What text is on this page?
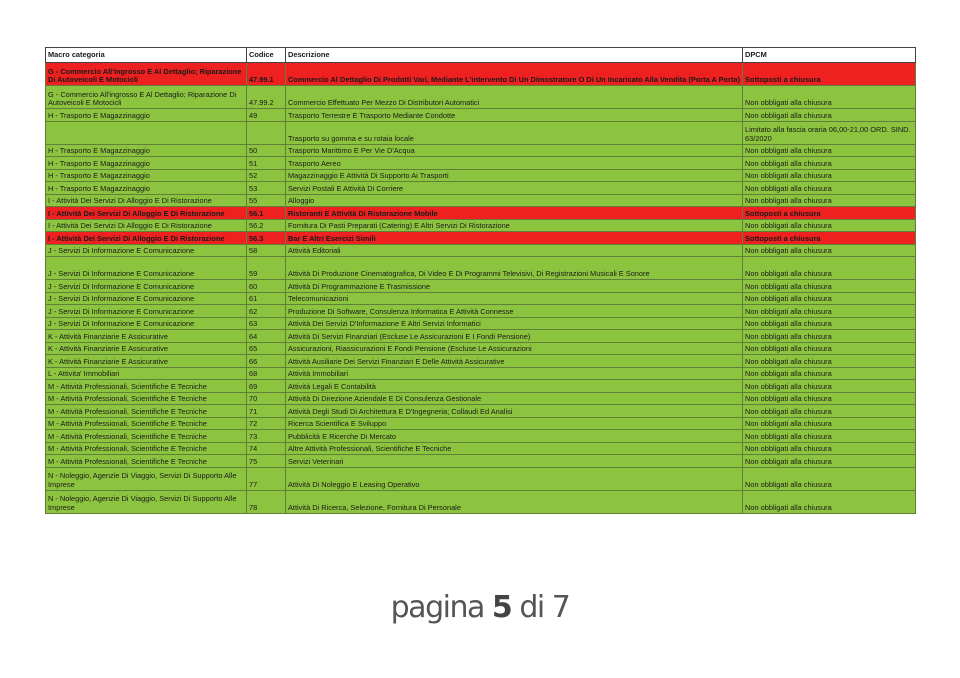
Macro categoria	Codice	Descrizione	DPCM
G - Commercio All'ingrosso E Al Dettaglio; Riparazione Di Autoveicoli E Motocicli	47.99.1	Commercio Al Dettaglio Di Prodotti Vari, Mediante L'intervento Di Un Dimostratore O Di Un Incaricato Alla Vendita (Porta A Porta)	Sottoposti a chiusura
G - Commercio All'ingrosso E Al Dettaglio; Riparazione Di Autoveicoli E Motocicli	47.99.2	Commercio Effettuato Per Mezzo Di Distributori Automatici	Non obbligati alla chiusura
H - Trasporto E Magazzinaggio	49	Trasporto Terrestre E Trasporto Mediante Condotte	Non obbligati alla chiusura
		Trasporto su gomma e su rotaia locale	Limitato alla fascia oraria 06,00-21,00 ORD. SIND. 63/2020
H - Trasporto E Magazzinaggio	50	Trasporto Marittimo E Per Vie D'Acqua	Non obbligati alla chiusura
H - Trasporto E Magazzinaggio	51	Trasporto Aereo	Non obbligati alla chiusura
H - Trasporto E Magazzinaggio	52	Magazzinaggio E Attività Di Supporto Ai Trasporti	Non obbligati alla chiusura
H - Trasporto E Magazzinaggio	53	Servizi Postali E Attività Di Corriere	Non obbligati alla chiusura
I - Attività Dei Servizi Di Alloggio E Di Ristorazione	55	Alloggio	Non obbligati alla chiusura
I - Attività Dei Servizi Di Alloggio E Di Ristorazione	56.1	Ristoranti E Attività Di Ristorazione Mobile	Sottoposti a chiusura
I - Attività Dei Servizi Di Alloggio E Di Ristorazione	56.2	Fornitura Di Pasti Preparati (Catering) E Altri Servizi Di Ristorazione	Non obbligati alla chiusura
I - Attività Dei Servizi Di Alloggio E Di Ristorazione	56.3	Bar E Altri Esercizi Simili	Sottoposti a chiusura
J - Servizi Di Informazione E Comunicazione	58	Attività Editoriali	Non obbligati alla chiusura
J - Servizi Di Informazione E Comunicazione	59	Attività Di Produzione Cinematografica, Di Video E Di Programmi Televisivi, Di Registrazioni Musicali E Sonore	Non obbligati alla chiusura
J - Servizi Di Informazione E Comunicazione	60	Attività Di Programmazione E Trasmissione	Non obbligati alla chiusura
J - Servizi Di Informazione E Comunicazione	61	Telecomunicazioni	Non obbligati alla chiusura
J - Servizi Di Informazione E Comunicazione	62	Produzione Di Software, Consulenza Informatica E Attività Connesse	Non obbligati alla chiusura
J - Servizi Di Informazione E Comunicazione	63	Attività Dei Servizi D'Informazione E Altri Servizi Informatici	Non obbligati alla chiusura
K - Attività Finanziarie E Assicurative	64	Attività Di Servizi Finanziari (Escluse Le Assicurazioni E I Fondi Pensione)	Non obbligati alla chiusura
K - Attività Finanziarie E Assicurative	65	Assicurazioni, Riassicurazioni E Fondi Pensione (Escluse Le Assicurazioni	Non obbligati alla chiusura
K - Attività Finanziarie E Assicurative	66	Attività Ausiliarie Dei Servizi Finanziari E Delle Attività Assicurative	Non obbligati alla chiusura
L - Attivita' Immobiliari	68	Attività Immobiliari	Non obbligati alla chiusura
M - Attività Professionali, Scientifiche E Tecniche	69	Attività Legali E Contabilità	Non obbligati alla chiusura
M - Attività Professionali, Scientifiche E Tecniche	70	Attività Di Direzione Aziendale E Di Consulenza Gestionale	Non obbligati alla chiusura
M - Attività Professionali, Scientifiche E Tecniche	71	Attività Degli Studi Di Architettura E D'Ingegneria; Collaudi Ed Analisi	Non obbligati alla chiusura
M - Attività Professionali, Scientifiche E Tecniche	72	Ricerca Scientifica E Sviluppo	Non obbligati alla chiusura
M - Attività Professionali, Scientifiche E Tecniche	73	Pubblicità E Ricerche Di Mercato	Non obbligati alla chiusura
M - Attività Professionali, Scientifiche E Tecniche	74	Altre Attività Professionali, Scientifiche E Tecniche	Non obbligati alla chiusura
M - Attività Professionali, Scientifiche E Tecniche	75	Servizi Veterinari	Non obbligati alla chiusura
N - Noleggio, Agenzie Di Viaggio, Servizi Di Supporto Alle Imprese	77	Attività Di Noleggio E Leasing Operativo	Non obbligati alla chiusura
N - Noleggio, Agenzie Di Viaggio, Servizi Di Supporto Alle Imprese	78	Attività Di Ricerca, Selezione, Fornitura Di Personale	Non obbligati alla chiusura
pagina 5 di 7
